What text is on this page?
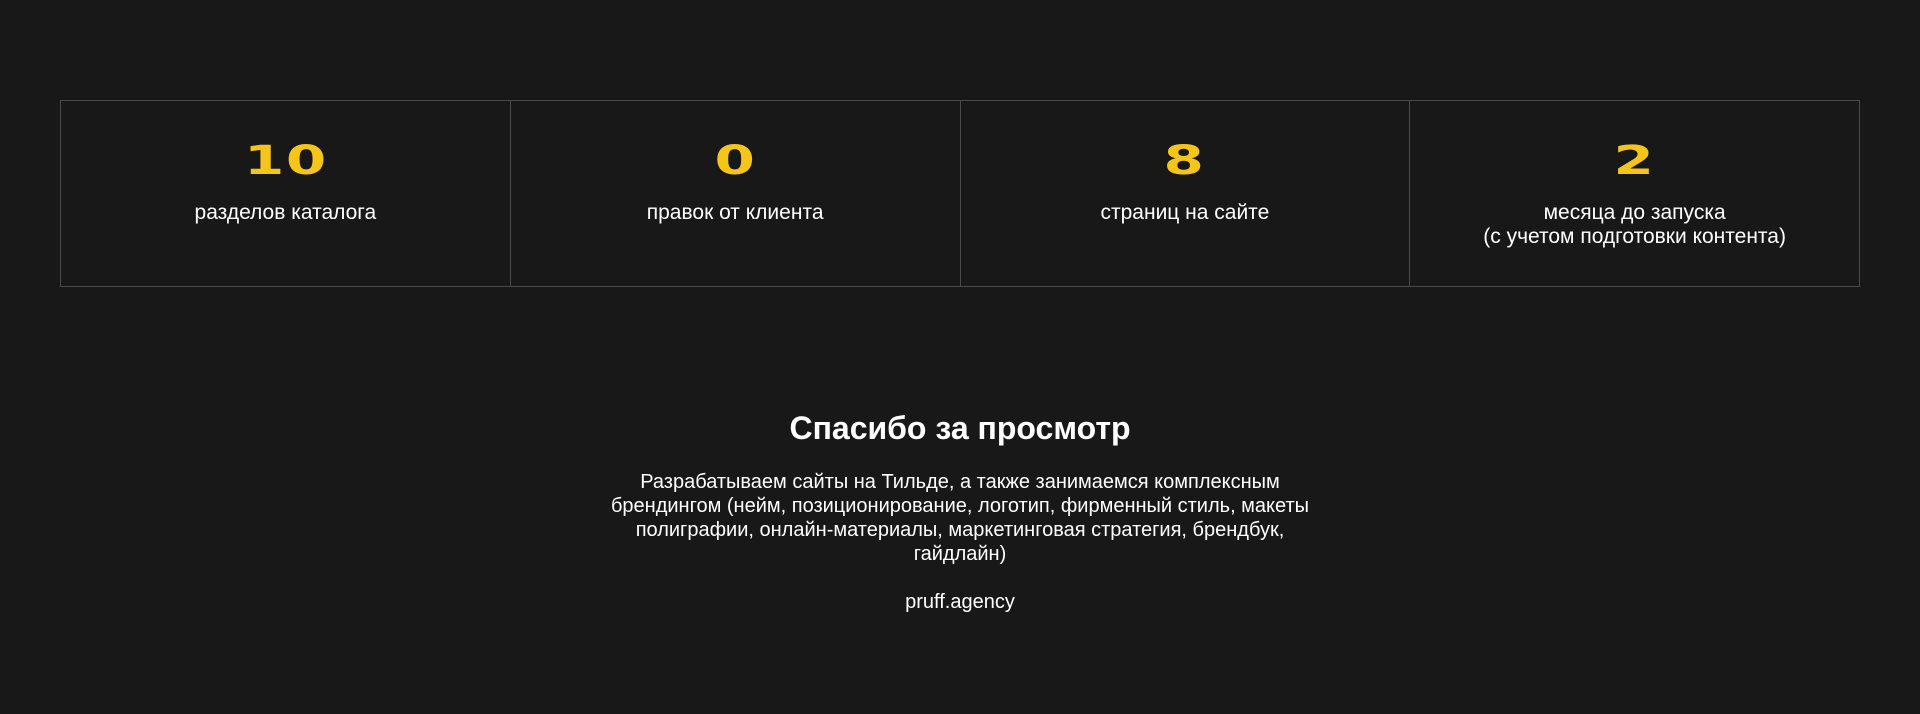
10
разделов каталога
0
правок от клиента
8
страниц на сайте
2
месяца до запуска
(с учетом подготовки контента)
Спасибо за просмотр
Разрабатываем сайты на Тильде, а также занимаемся комплексным брендингом (нейм, позиционирование, логотип, фирменный стиль, макеты полиграфии, онлайн-материалы, маркетинговая стратегия, брендбук, гайдлайн)
pruff.agency
